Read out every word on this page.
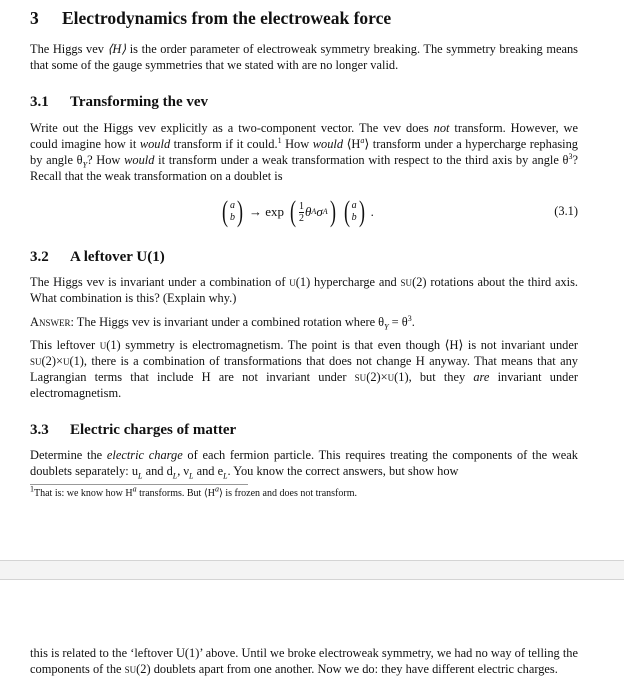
3 Electrodynamics from the electroweak force

The Higgs vev ⟨H⟩ is the order parameter of electroweak symmetry breaking. The symmetry breaking means that some of the gauge symmetries that we stated with are no longer valid.

3.1 Transforming the vev

Write out the Higgs vev explicitly as a two-component vector. The vev does not transform. However, we could imagine how it would transform if it could.$^1$ How would $⟨H^a⟩$ transform under a hypercharge rephasing by angle $\theta_Y$? How would it transform under a weak transformation with respect to the third axis by angle $\theta^3$? Recall that the weak transformation on a doublet is

( a
b ) → exp ( $\frac{1}{2}$ θ A σ A ) ( a
b ) .	(3.1)
3.2 A leftover U(1)

The Higgs vev is invariant under a combination of u(1) hypercharge and su(2) rotations about the third axis. What combination is this? (Explain why.)

Answer: The Higgs vev is invariant under a combined rotation where $\theta_Y = \theta^3$.

This leftover u(1) symmetry is electromagnetism. The point is that even though ⟨H⟩ is not invariant under su(2)×u(1), there is a combination of transformations that does not change H anyway. That means that any Lagrangian terms that include H are not invariant under su(2)×u(1), but they are invariant under electromagnetism.

3.3 Electric charges of matter

Determine the electric charge of each fermion particle. This requires treating the components of the weak doublets separately: $u_L$ and $d_L$, $\nu_L$ and $e_L$. You know the correct answers, but show how

$^1$That is: we know how $H^a$ transforms. But $⟨H^a⟩$ is frozen and does not transform.

this is related to the ‘leftover U(1)’ above. Until we broke electroweak symmetry, we had no way of telling the components of the su(2) doublets apart from one another. Now we do: they have different electric charges.
